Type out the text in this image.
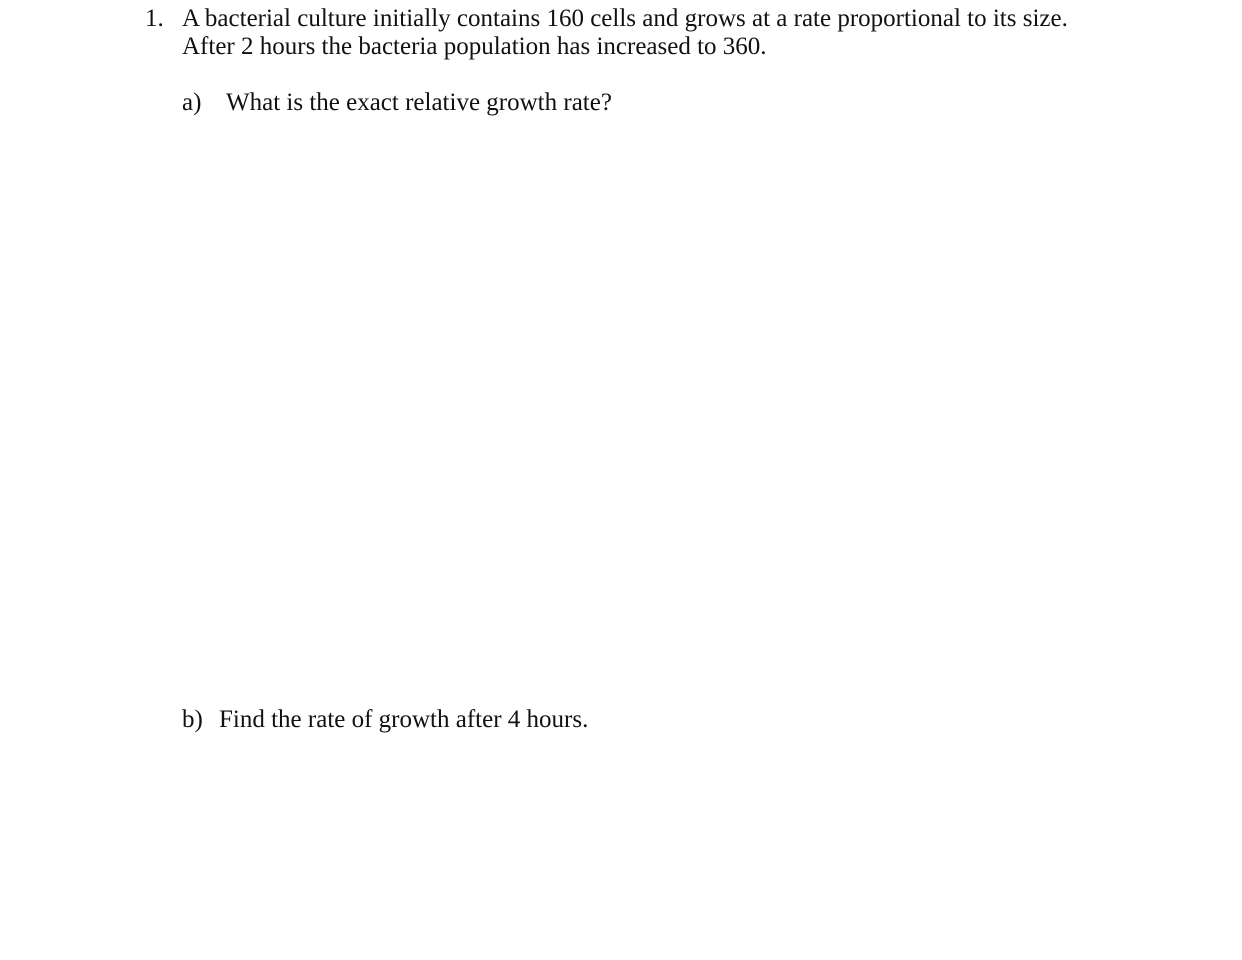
1. A bacterial culture initially contains 160 cells and grows at a rate proportional to its size.
After 2 hours the bacteria population has increased to 360.
a) What is the exact relative growth rate?
b) Find the rate of growth after 4 hours.
